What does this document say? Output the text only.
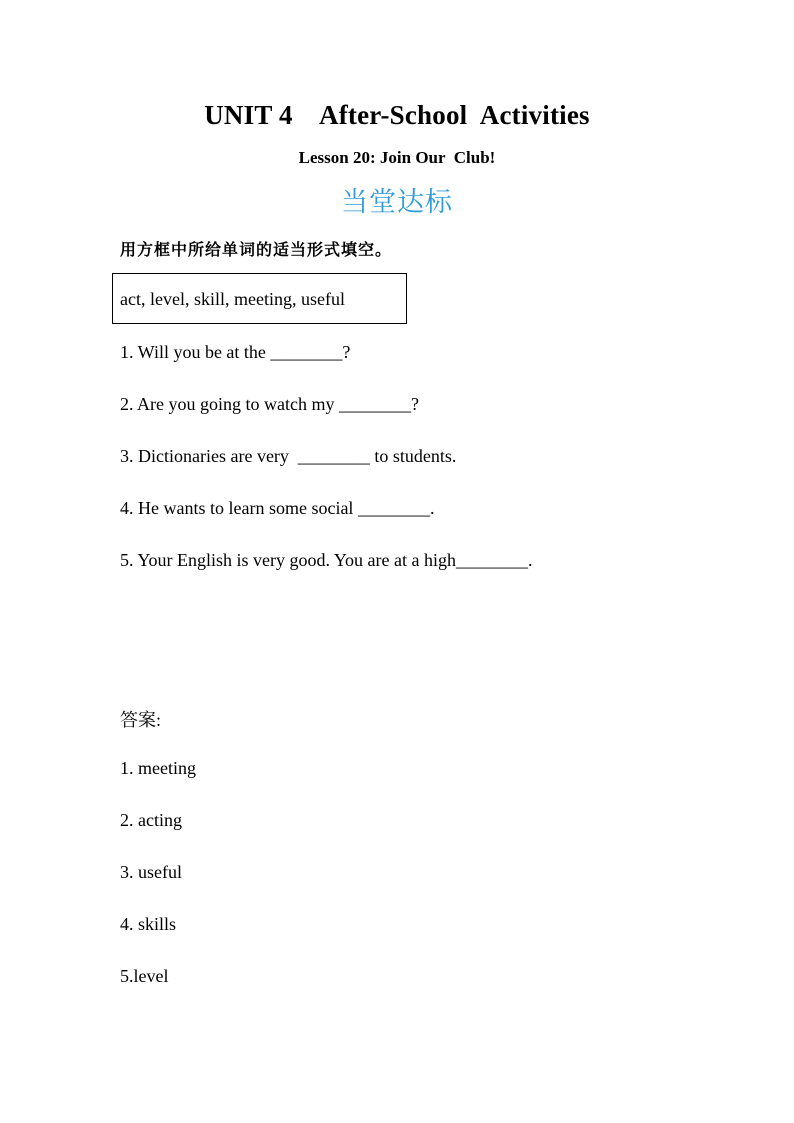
UNIT 4    After-School  Activities
Lesson 20: Join Our  Club!
当堂达标
用方框中所给单词的适当形式填空。
act, level, skill, meeting, useful
1. Will you be at the ________?
2. Are you going to watch my ________?
3. Dictionaries are very  ________ to students.
4. He wants to learn some social ________.
5. Your English is very good. You are at a high________.
答案:
1. meeting
2. acting
3. useful
4. skills
5.level
